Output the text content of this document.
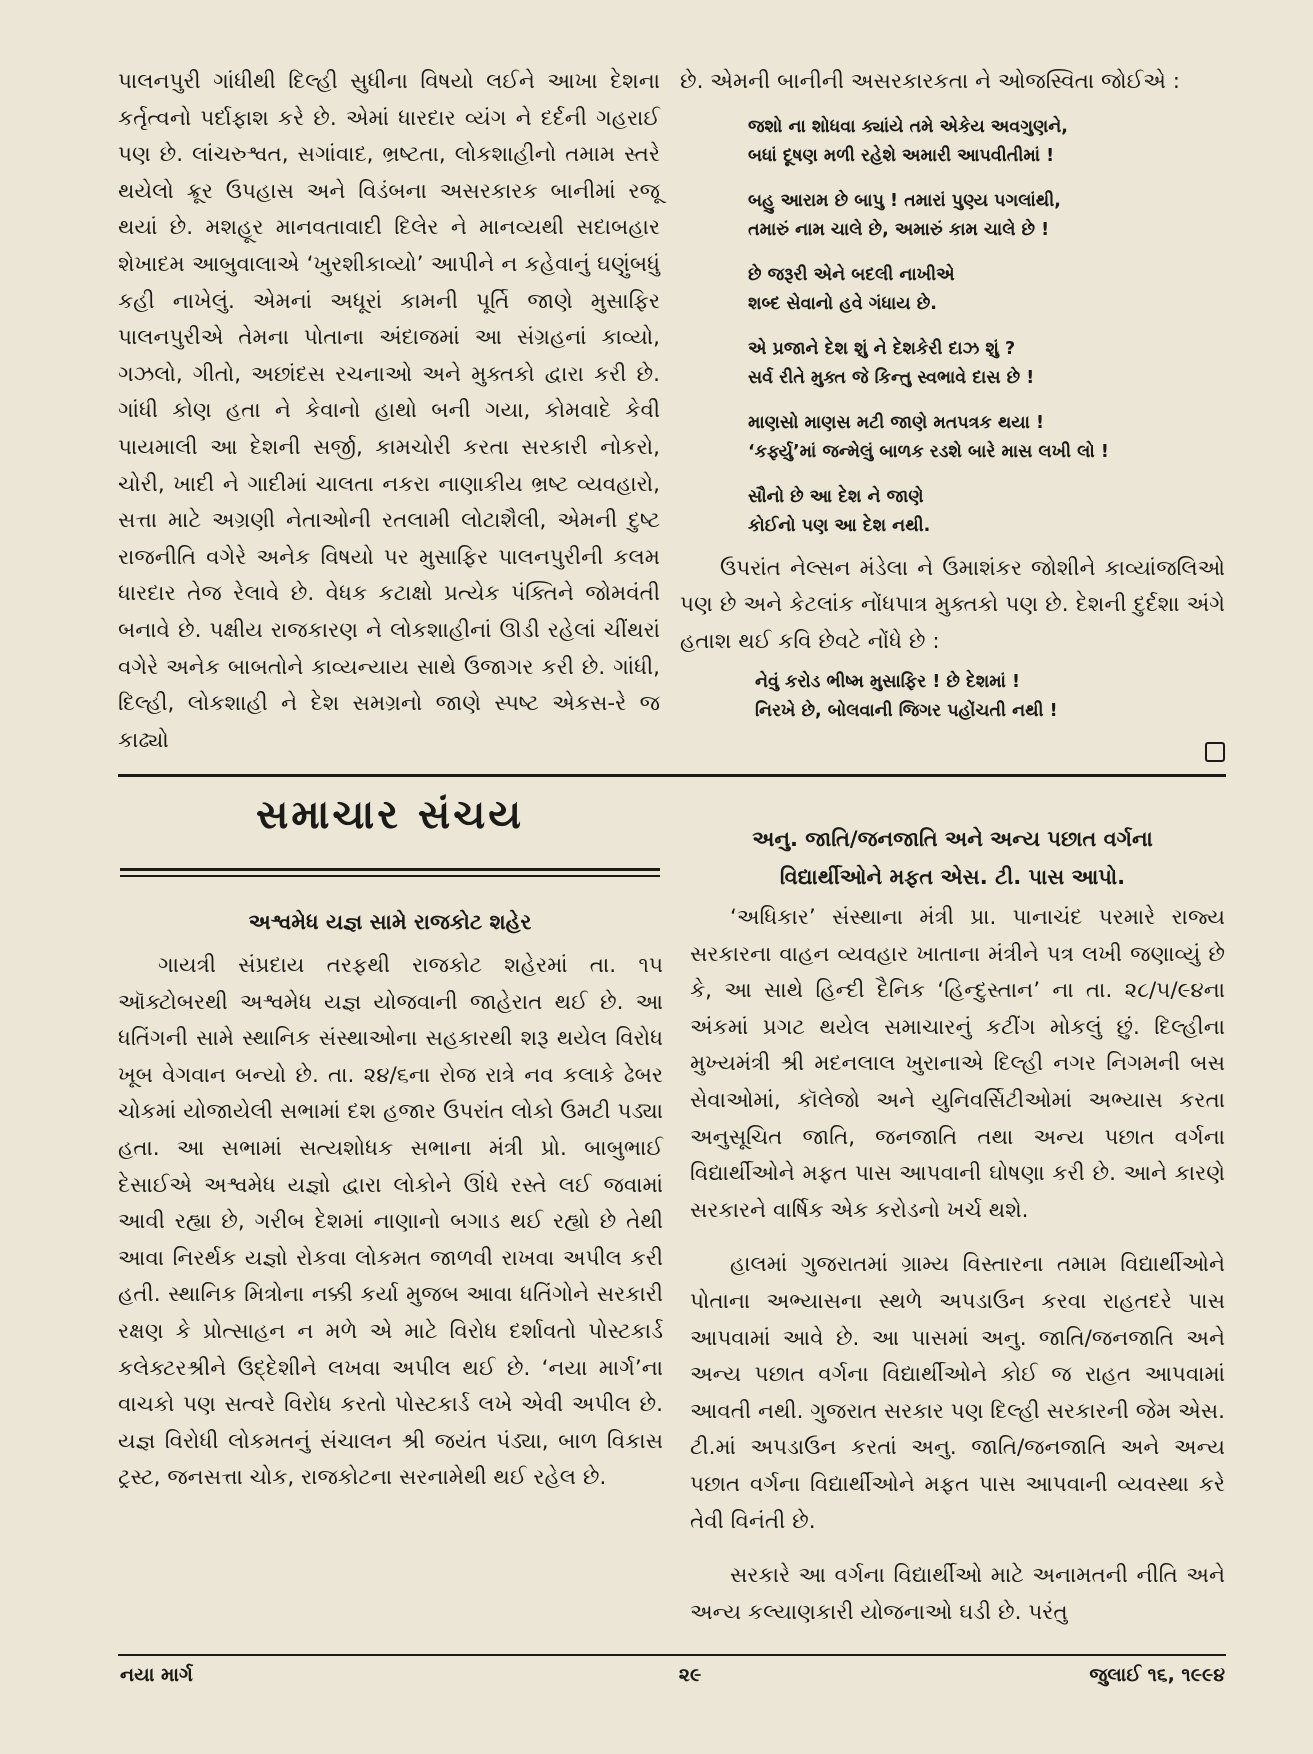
પાલનપુરી ગાંધીથી દિલ્હી સુધીના વિષયો લઈને આખા દેશના કર્તૃત્વનો પર્દાફાશ કરે છે. એમાં ધારદાર વ્યંગ ને દર્દની ગહરાઈ પણ છે. લાંચરુશ્વત, સગાંવાદ, ભ્રષ્ટતા, લોકશાહીનો તમામ સ્તરે થયેલો ક્રૂર ઉપહાસ અને વિડંબના અસરકારક બાનીમાં રજૂ થયાં છે. મશહૂર માનવતાવાદી દિલેર ને માનવ્યથી સદાબહાર શેખાદમ આબુવાલાએ ‘ખુરશીકાવ્યો’ આપીને ન કહેવાનું ઘણુંબધું કહી નાખેલું. એમનાં અધૂરાં કામની પૂર્તિ જાણે મુસાફિર પાલનપુરીએ તેમના પોતાના અંદાજમાં આ સંગ્રહનાં કાવ્યો, ગઝલો, ગીતો, અછાંદસ રચનાઓ અને મુક્તકો દ્વારા કરી છે. ગાંધી કોણ હતા ને કેવાનો હાથો બની ગયા, કોમવાદે કેવી પાયમાલી આ દેશની સર્જી, કામચોરી કરતા સરકારી નોકરો, ચોરી, ખાદી ને ગાદીમાં ચાલતા નકરા નાણાકીય ભ્રષ્ટ વ્યવહારો, સત્તા માટે અગ્રણી નેતાઓની રતલામી લોટાશૈલી, એમની દુષ્ટ રાજનીતિ વગેરે અનેક વિષયો પર મુસાફિર પાલનપુરીની કલમ ધારદાર તેજ રેલાવે છે. વેધક કટાક્ષો પ્રત્યેક પંક્તિને જોમવંતી બનાવે છે. પક્ષીય રાજકારણ ને લોકશાહીનાં ઊડી રહેલાં ચીંથરાં વગેરે અનેક બાબતોને કાવ્યન્યાય સાથે ઉજાગર કરી છે. ગાંધી, દિલ્હી, લોકશાહી ને દેશ સમગ્રનો જાણે સ્પષ્ટ એકસ-રે જ કાઢ્યો

છે. એમની બાનીની અસરકારકતા ને ઓજસ્વિતા જોઈએ :

જશો ના શોધવા ક્યાંયે તમે એકેય અવગુણને,
બધાં દૂષણ મળી રહેશે અમારી આપવીતીમાં !
બહુ આરામ છે બાપુ ! તમારાં પુણ્ય પગલાંથી,
તમારું નામ ચાલે છે, અમારું કામ ચાલે છે !
છે જરૂરી એને બદલી નાખીએ
શબ્દ સેવાનો હવે ગંધાય છે.
એ પ્રજાને દેશ શું ને દેશકેરી દાઝ શું ?
સર્વ રીતે મુક્ત જે કિન્તુ સ્વભાવે દાસ છે !
માણસો માણસ મટી જાણે મતપત્રક થયા !
‘કર્ફ્યુ’માં જન્મેલું બાળક રડશે બારે માસ લખી લો !
સૌનો છે આ દેશ ને જાણે
કોઈનો પણ આ દેશ નથી.

ઉપરાંત નેલ્સન મંડેલા ને ઉમાશંકર જોશીને કાવ્યાંજલિઓ પણ છે અને કેટલાંક નોંધપાત્ર મુક્તકો પણ છે. દેશની દુર્દશા અંગે હતાશ થઈ કવિ છેવટે નોંધે છે :

નેવું કરોડ ભીષ્મ મુસાફિર ! છે દેશમાં !
નિરખે છે, બોલવાની જિગર પહોંચતી નથી !
સમાચાર સંચય
અશ્વમેધ યજ્ઞ સામે રાજકોટ શહેર

ગાયત્રી સંપ્રદાય તરફથી રાજકોટ શહેરમાં તા. ૧૫ ઑક્ટોબરથી અશ્વમેધ યજ્ઞ યોજવાની જાહેરાત થઈ છે. આ ધતિંગની સામે સ્થાનિક સંસ્થાઓના સહકારથી શરૂ થયેલ વિરોધ ખૂબ વેગવાન બન્યો છે. તા. ૨૪/૬ના રોજ રાત્રે નવ કલાકે ઢેબર ચોકમાં યોજાયેલી સભામાં દશ હજાર ઉપરાંત લોકો ઉમટી પડ્યા હતા. આ સભામાં સત્યશોધક સભાના મંત્રી પ્રો. બાબુભાઈ દેસાઈએ અશ્વમેધ યજ્ઞો દ્વારા લોકોને ઊંધે રસ્તે લઈ જવામાં આવી રહ્યા છે, ગરીબ દેશમાં નાણાનો બગાડ થઈ રહ્યો છે તેથી આવા નિરર્થક યજ્ઞો રોકવા લોકમત જાળવી રાખવા અપીલ કરી હતી. સ્થાનિક મિત્રોના નક્કી કર્યા મુજબ આવા ધતિંગોને સરકારી રક્ષણ કે પ્રોત્સાહન ન મળે એ માટે વિરોધ દર્શાવતો પોસ્ટકાર્ડ કલેક્ટરશ્રીને ઉદ્દેશીને લખવા અપીલ થઈ છે. ‘નયા માર્ગ’ના વાચકો પણ સત્વરે વિરોધ કરતો પોસ્ટકાર્ડ લખે એવી અપીલ છે. યજ્ઞ વિરોધી લોકમતનું સંચાલન શ્રી જયંત પંડ્યા, બાળ વિકાસ ટ્રસ્ટ, જનસત્તા ચોક, રાજકોટના સરનામેથી થઈ રહેલ છે.

અનુ. જાતિ/જનજાતિ અને અન્ય પછાત વર્ગના
વિદ્યાર્થીઓને મફત એસ. ટી. પાસ આપો.

‘અધિકાર’ સંસ્થાના મંત્રી પ્રા. પાનાચંદ પરમારે રાજ્ય સરકારના વાહન વ્યવહાર ખાતાના મંત્રીને પત્ર લખી જણાવ્યું છે કે, આ સાથે હિન્દી દૈનિક ‘હિન્દુસ્તાન’ ના તા. ૨૮/૫/૯૪ના અંકમાં પ્રગટ થયેલ સમાચારનું કટીંગ મોકલું છું. દિલ્હીના મુખ્યમંત્રી શ્રી મદનલાલ ખુરાનાએ દિલ્હી નગર નિગમની બસ સેવાઓમાં, કૉલેજો અને યુનિવર્સિટીઓમાં અભ્યાસ કરતા અનુસૂચિત જાતિ, જનજાતિ તથા અન્ય પછાત વર્ગના વિદ્યાર્થીઓને મફત પાસ આપવાની ઘોષણા કરી છે. આને કારણે સરકારને વાર્ષિક એક કરોડનો ખર્ચ થશે.

હાલમાં ગુજરાતમાં ગ્રામ્ય વિસ્તારના તમામ વિદ્યાર્થીઓને પોતાના અભ્યાસના સ્થળે અપડાઉન કરવા રાહતદરે પાસ આપવામાં આવે છે. આ પાસમાં અનુ. જાતિ/જનજાતિ અને અન્ય પછાત વર્ગના વિદ્યાર્થીઓને કોઈ જ રાહત આપવામાં આવતી નથી. ગુજરાત સરકાર પણ દિલ્હી સરકારની જેમ એસ. ટી.માં અપડાઉન કરતાં અનુ. જાતિ/જનજાતિ અને અન્ય પછાત વર્ગના વિદ્યાર્થીઓને મફત પાસ આપવાની વ્યવસ્થા કરે તેવી વિનંતી છે.

સરકારે આ વર્ગના વિદ્યાર્થીઓ માટે અનામતની નીતિ અને અન્ય કલ્યાણકારી યોજનાઓ ઘડી છે. પરંતુ

નયા માર્ગ	૨૯	જુલાઈ ૧૬, ૧૯૯૪
